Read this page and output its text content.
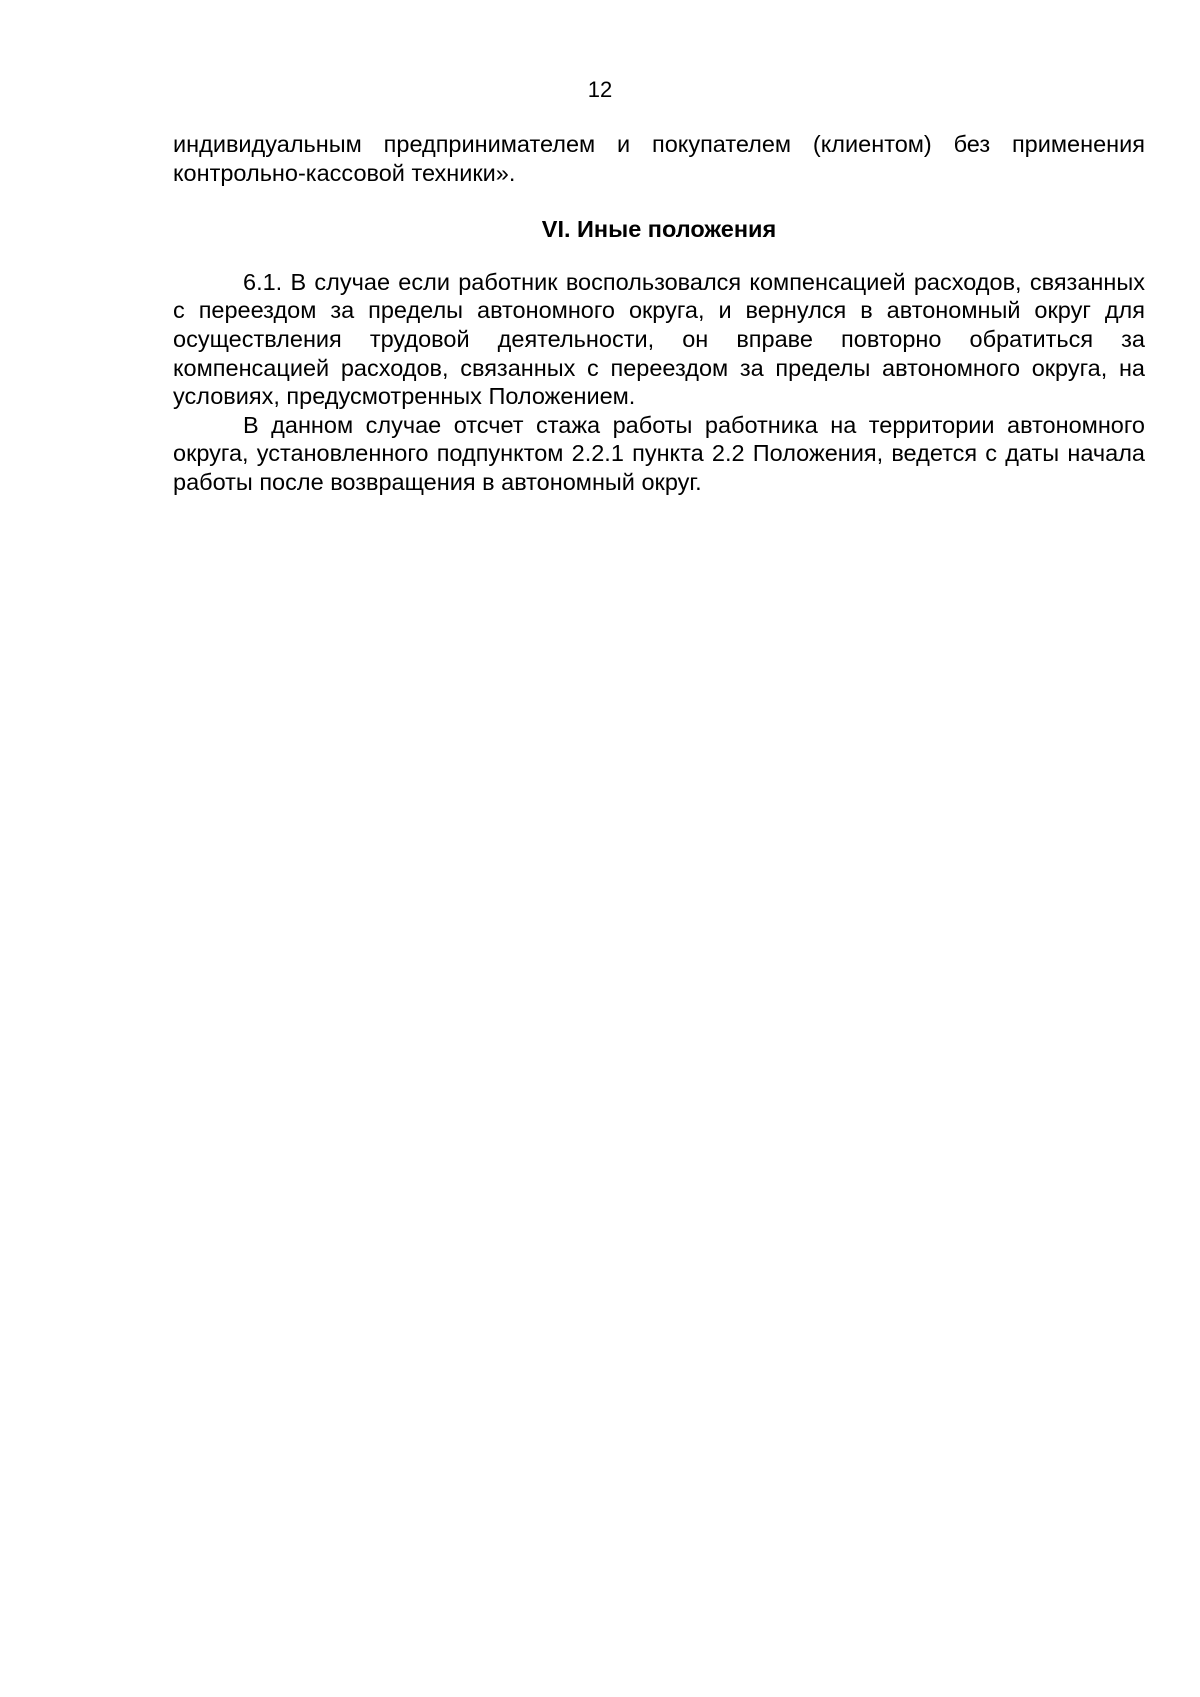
12

индивидуальным предпринимателем и покупателем (клиентом) без применения контрольно-кассовой техники».

VI. Иные положения

6.1. В случае если работник воспользовался компенсацией расходов, связанных с переездом за пределы автономного округа, и вернулся в автономный округ для осуществления трудовой деятельности, он вправе повторно обратиться за компенсацией расходов, связанных с переездом за пределы автономного округа, на условиях, предусмотренных Положением.

В данном случае отсчет стажа работы работника на территории автономного округа, установленного подпунктом 2.2.1 пункта 2.2 Положения, ведется с даты начала работы после возвращения в автономный округ.
